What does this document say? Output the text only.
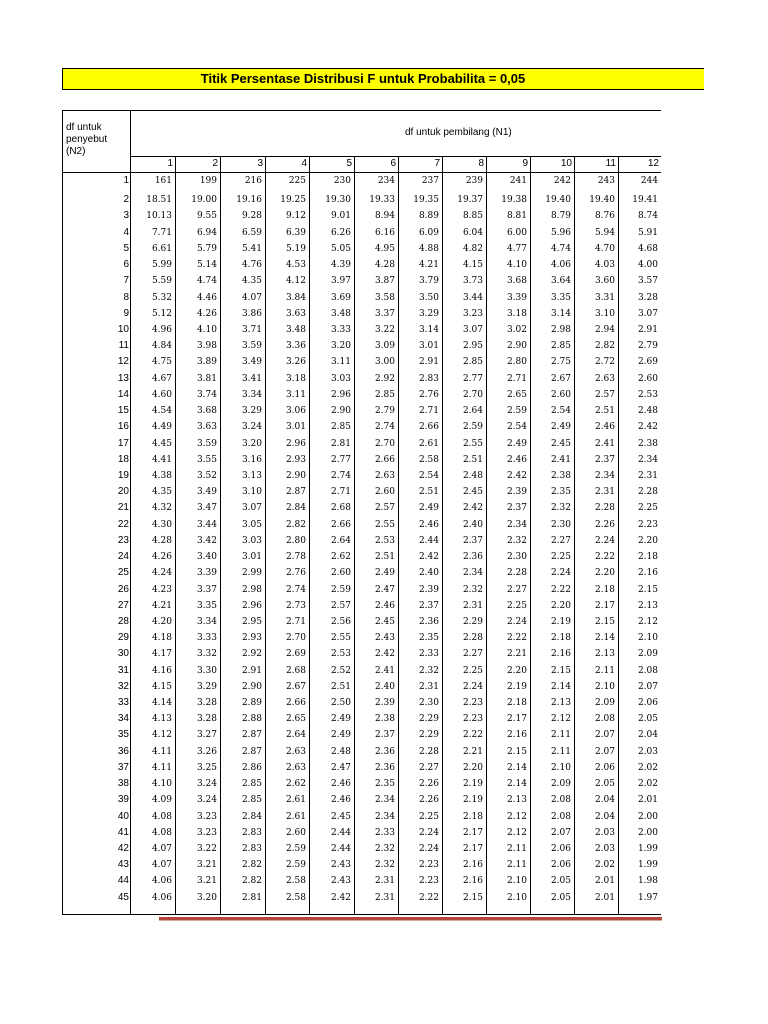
Titik Persentase Distribusi F untuk Probabilita = 0,05
df untuk
penyebut
(N2)
df untuk pembilang (N1)
1	2	3	4	5	6	7	8	9	10	11	12
1	161	199	216	225	230	234	237	239	241	242	243	244
2	18.51	19.00	19.16	19.25	19.30	19.33	19.35	19.37	19.38	19.40	19.40	19.41
3	10.13	9.55	9.28	9.12	9.01	8.94	8.89	8.85	8.81	8.79	8.76	8.74
4	7.71	6.94	6.59	6.39	6.26	6.16	6.09	6.04	6.00	5.96	5.94	5.91
5	6.61	5.79	5.41	5.19	5.05	4.95	4.88	4.82	4.77	4.74	4.70	4.68
6	5.99	5.14	4.76	4.53	4.39	4.28	4.21	4.15	4.10	4.06	4.03	4.00
7	5.59	4.74	4.35	4.12	3.97	3.87	3.79	3.73	3.68	3.64	3.60	3.57
8	5.32	4.46	4.07	3.84	3.69	3.58	3.50	3.44	3.39	3.35	3.31	3.28
9	5.12	4.26	3.86	3.63	3.48	3.37	3.29	3.23	3.18	3.14	3.10	3.07
10	4.96	4.10	3.71	3.48	3.33	3.22	3.14	3.07	3.02	2.98	2.94	2.91
11	4.84	3.98	3.59	3.36	3.20	3.09	3.01	2.95	2.90	2.85	2.82	2.79
12	4.75	3.89	3.49	3.26	3.11	3.00	2.91	2.85	2.80	2.75	2.72	2.69
13	4.67	3.81	3.41	3.18	3.03	2.92	2.83	2.77	2.71	2.67	2.63	2.60
14	4.60	3.74	3.34	3.11	2.96	2.85	2.76	2.70	2.65	2.60	2.57	2.53
15	4.54	3.68	3.29	3.06	2.90	2.79	2.71	2.64	2.59	2.54	2.51	2.48
16	4.49	3.63	3.24	3.01	2.85	2.74	2.66	2.59	2.54	2.49	2.46	2.42
17	4.45	3.59	3.20	2.96	2.81	2.70	2.61	2.55	2.49	2.45	2.41	2.38
18	4.41	3.55	3.16	2.93	2.77	2.66	2.58	2.51	2.46	2.41	2.37	2.34
19	4.38	3.52	3.13	2.90	2.74	2.63	2.54	2.48	2.42	2.38	2.34	2.31
20	4.35	3.49	3.10	2.87	2.71	2.60	2.51	2.45	2.39	2.35	2.31	2.28
21	4.32	3.47	3.07	2.84	2.68	2.57	2.49	2.42	2.37	2.32	2.28	2.25
22	4.30	3.44	3.05	2.82	2.66	2.55	2.46	2.40	2.34	2.30	2.26	2.23
23	4.28	3.42	3.03	2.80	2.64	2.53	2.44	2.37	2.32	2.27	2.24	2.20
24	4.26	3.40	3.01	2.78	2.62	2.51	2.42	2.36	2.30	2.25	2.22	2.18
25	4.24	3.39	2.99	2.76	2.60	2.49	2.40	2.34	2.28	2.24	2.20	2.16
26	4.23	3.37	2.98	2.74	2.59	2.47	2.39	2.32	2.27	2.22	2.18	2.15
27	4.21	3.35	2.96	2.73	2.57	2.46	2.37	2.31	2.25	2.20	2.17	2.13
28	4.20	3.34	2.95	2.71	2.56	2.45	2.36	2.29	2.24	2.19	2.15	2.12
29	4.18	3.33	2.93	2.70	2.55	2.43	2.35	2.28	2.22	2.18	2.14	2.10
30	4.17	3.32	2.92	2.69	2.53	2.42	2.33	2.27	2.21	2.16	2.13	2.09
31	4.16	3.30	2.91	2.68	2.52	2.41	2.32	2.25	2.20	2.15	2.11	2.08
32	4.15	3.29	2.90	2.67	2.51	2.40	2.31	2.24	2.19	2.14	2.10	2.07
33	4.14	3.28	2.89	2.66	2.50	2.39	2.30	2.23	2.18	2.13	2.09	2.06
34	4.13	3.28	2.88	2.65	2.49	2.38	2.29	2.23	2.17	2.12	2.08	2.05
35	4.12	3.27	2.87	2.64	2.49	2.37	2.29	2.22	2.16	2.11	2.07	2.04
36	4.11	3.26	2.87	2.63	2.48	2.36	2.28	2.21	2.15	2.11	2.07	2.03
37	4.11	3.25	2.86	2.63	2.47	2.36	2.27	2.20	2.14	2.10	2.06	2.02
38	4.10	3.24	2.85	2.62	2.46	2.35	2.26	2.19	2.14	2.09	2.05	2.02
39	4.09	3.24	2.85	2.61	2.46	2.34	2.26	2.19	2.13	2.08	2.04	2.01
40	4.08	3.23	2.84	2.61	2.45	2.34	2.25	2.18	2.12	2.08	2.04	2.00
41	4.08	3.23	2.83	2.60	2.44	2.33	2.24	2.17	2.12	2.07	2.03	2.00
42	4.07	3.22	2.83	2.59	2.44	2.32	2.24	2.17	2.11	2.06	2.03	1.99
43	4.07	3.21	2.82	2.59	2.43	2.32	2.23	2.16	2.11	2.06	2.02	1.99
44	4.06	3.21	2.82	2.58	2.43	2.31	2.23	2.16	2.10	2.05	2.01	1.98
45	4.06	3.20	2.81	2.58	2.42	2.31	2.22	2.15	2.10	2.05	2.01	1.97
